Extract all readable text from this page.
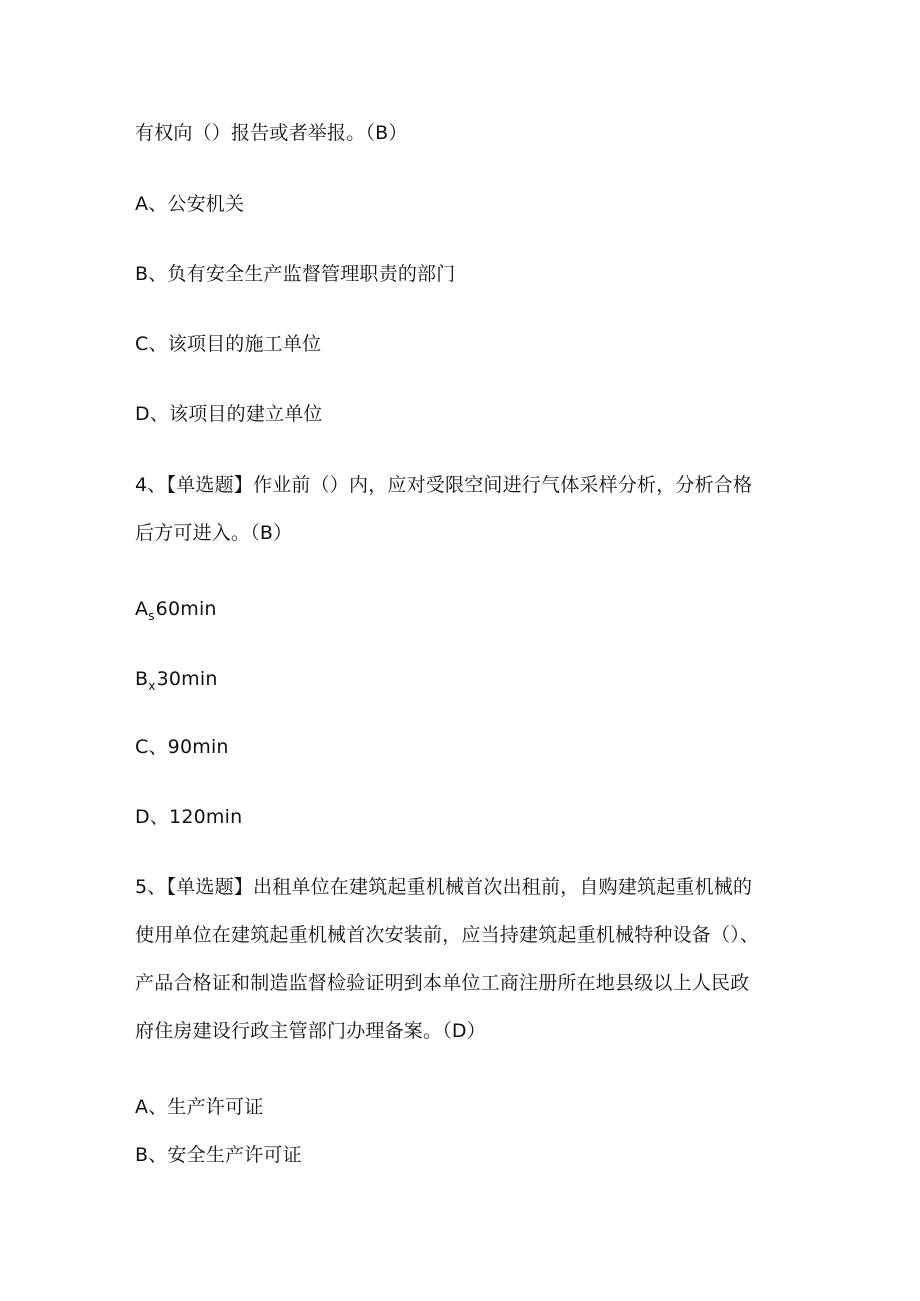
有权向（）报告或者举报。（B）
A、公安机关
B、负有安全生产监督管理职责的部门
C、该项目的施工单位
D、该项目的建立单位
4、【单选题】作业前（）内，应对受限空间进行气体采样分析，分析合格
后方可进入。（B）
$A_s60\min$
$B_x30\min$
C、90min
D、120min
5、【单选题】出租单位在建筑起重机械首次出租前，自购建筑起重机械的
使用单位在建筑起重机械首次安装前，应当持建筑起重机械特种设备（）、
产品合格证和制造监督检验证明到本单位工商注册所在地县级以上人民政
府住房建设行政主管部门办理备案。（D）
A、生产许可证
B、安全生产许可证
